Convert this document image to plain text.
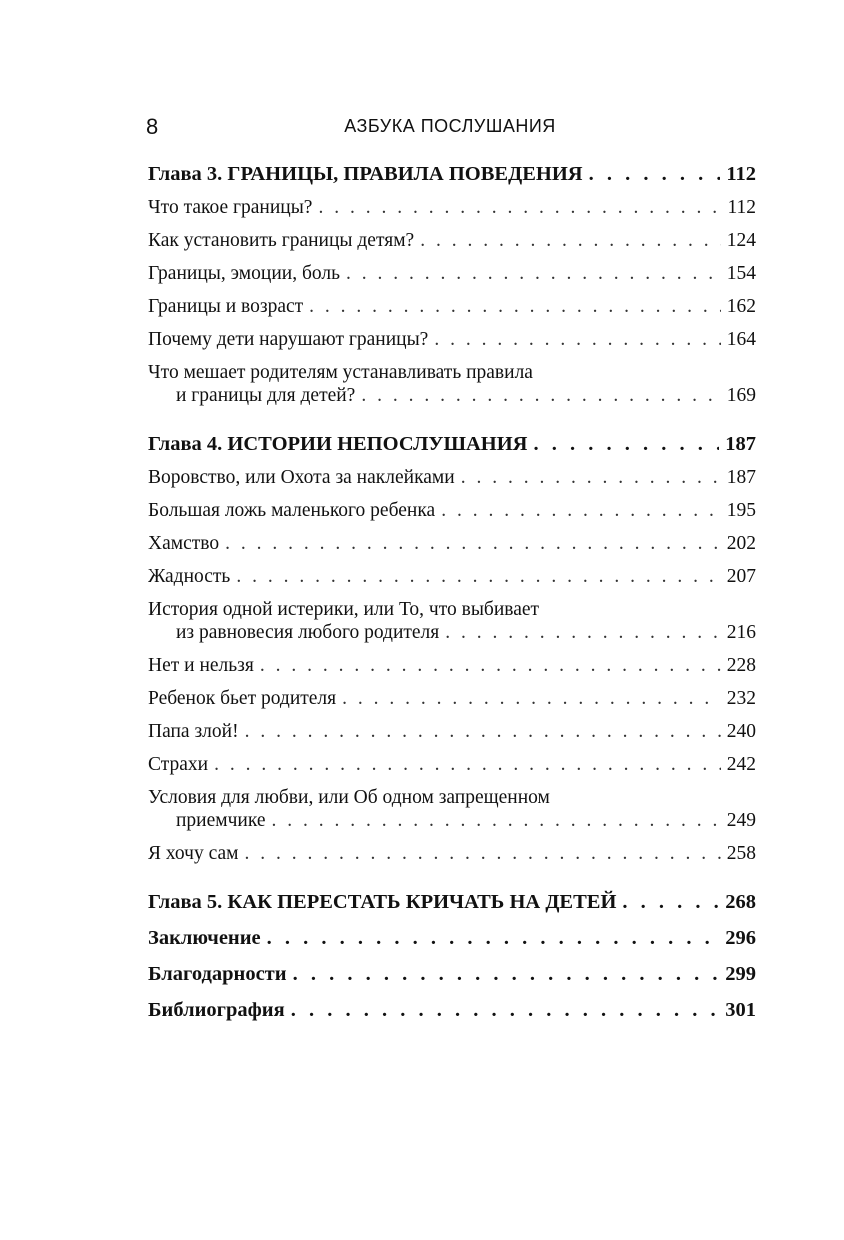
8	АЗБУКА ПОСЛУШАНИЯ
Глава 3. ГРАНИЦЫ, ПРАВИЛА ПОВЕДЕНИЯ . . .	112
Что такое границы? . . .	112
Как установить границы детям? . . .	124
Границы, эмоции, боль . . .	154
Границы и возраст . . .	162
Почему дети нарушают границы? . . .	164
Что мешает родителям устанавливать правила
и границы для детей? . . .	169
Глава 4. ИСТОРИИ НЕПОСЛУШАНИЯ . . .	187
Воровство, или Охота за наклейками . . .	187
Большая ложь маленького ребенка . . .	195
Хамство . . .	202
Жадность . . .	207
История одной истерики, или То, что выбивает
из равновесия любого родителя . . .	216
Нет и нельзя . . .	228
Ребенок бьет родителя . . .	232
Папа злой! . . .	240
Страхи . . .	242
Условия для любви, или Об одном запрещенном
приемчике . . .	249
Я хочу сам . . .	258
Глава 5. КАК ПЕРЕСТАТЬ КРИЧАТЬ НА ДЕТЕЙ . . .	268
Заключение . . .	296
Благодарности . . .	299
Библиография . . .	301
